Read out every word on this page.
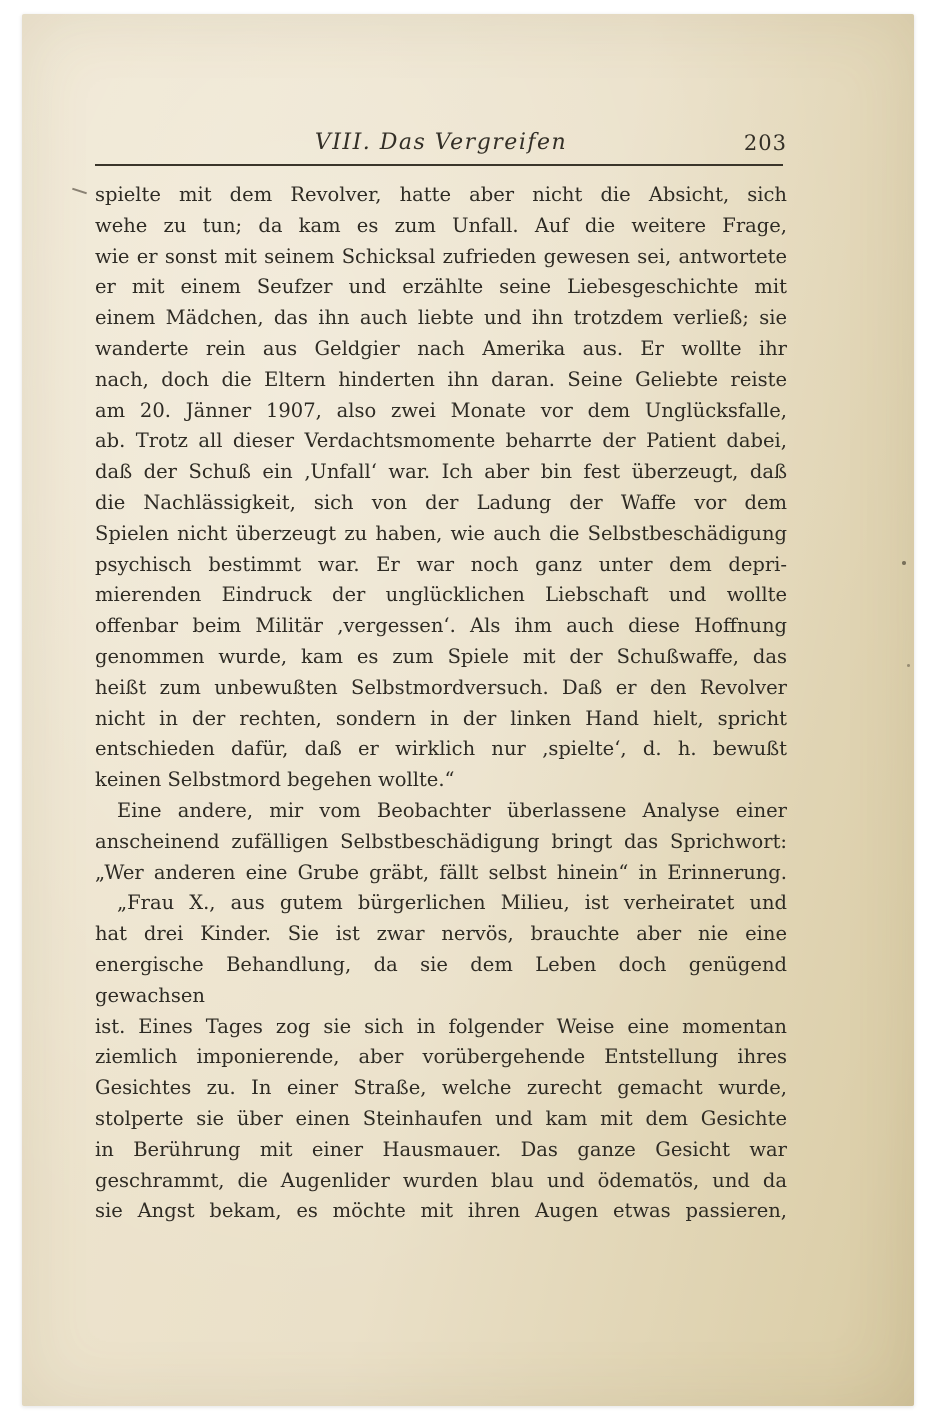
VIII. Das Vergreifen	203
spielte mit dem Revolver, hatte aber nicht die Absicht, sich
wehe zu tun; da kam es zum Unfall. Auf die weitere Frage,
wie er sonst mit seinem Schicksal zufrieden gewesen sei, antwortete
er mit einem Seufzer und erzählte seine Liebesgeschichte mit
einem Mädchen, das ihn auch liebte und ihn trotzdem verließ; sie
wanderte rein aus Geldgier nach Amerika aus. Er wollte ihr
nach, doch die Eltern hinderten ihn daran. Seine Geliebte reiste
am 20. Jänner 1907, also zwei Monate vor dem Unglücksfalle,
ab. Trotz all dieser Verdachtsmomente beharrte der Patient dabei,
daß der Schuß ein ‚Unfall‘ war. Ich aber bin fest überzeugt, daß
die Nachlässigkeit, sich von der Ladung der Waffe vor dem
Spielen nicht überzeugt zu haben, wie auch die Selbstbeschädigung
psychisch bestimmt war. Er war noch ganz unter dem depri-
mierenden Eindruck der unglücklichen Liebschaft und wollte
offenbar beim Militär ‚vergessen‘. Als ihm auch diese Hoffnung
genommen wurde, kam es zum Spiele mit der Schußwaffe, das
heißt zum unbewußten Selbstmordversuch. Daß er den Revolver
nicht in der rechten, sondern in der linken Hand hielt, spricht
entschieden dafür, daß er wirklich nur ‚spielte‘, d. h. bewußt
keinen Selbstmord begehen wollte.“
Eine andere, mir vom Beobachter überlassene Analyse einer
anscheinend zufälligen Selbstbeschädigung bringt das Sprichwort:
„Wer anderen eine Grube gräbt, fällt selbst hinein“ in Erinnerung.
„Frau X., aus gutem bürgerlichen Milieu, ist verheiratet und
hat drei Kinder. Sie ist zwar nervös, brauchte aber nie eine
energische Behandlung, da sie dem Leben doch genügend gewachsen
ist. Eines Tages zog sie sich in folgender Weise eine momentan
ziemlich imponierende, aber vorübergehende Entstellung ihres
Gesichtes zu. In einer Straße, welche zurecht gemacht wurde,
stolperte sie über einen Steinhaufen und kam mit dem Gesichte
in Berührung mit einer Hausmauer. Das ganze Gesicht war
geschrammt, die Augenlider wurden blau und ödematös, und da
sie Angst bekam, es möchte mit ihren Augen etwas passieren,
